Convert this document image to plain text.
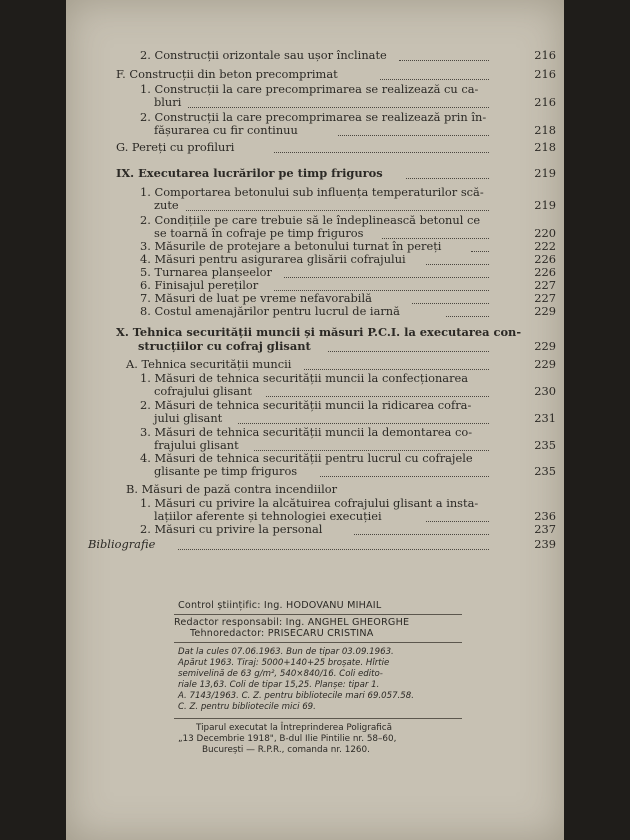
2. Construcții orizontale sau ușor înclinate	216
F. Construcții din beton precomprimat	216
1. Construcții la care precomprimarea se realizează cu ca-
bluri	216
2. Construcții la care precomprimarea se realizează prin în-
fășurarea cu fir continuu	218
G. Pereți cu profiluri	218
IX. Executarea lucrărilor pe timp friguros	219
1. Comportarea betonului sub influența temperaturilor scă-
zute	219
2. Condițiile pe care trebuie să le îndeplinească betonul ce
se toarnă în cofraje pe timp friguros	220
3. Măsurile de protejare a betonului turnat în pereți	222
4. Măsuri pentru asigurarea glisării cofrajului	226
5. Turnarea planșeelor	226
6. Finisajul pereților	227
7. Măsuri de luat pe vreme nefavorabilă	227
8. Costul amenajărilor pentru lucrul de iarnă	229
X. Tehnica securității muncii și măsuri P.C.I. la executarea con-
strucțiilor cu cofraj glisant	229
A. Tehnica securității muncii	229
1. Măsuri de tehnica securității muncii la confecționarea
cofrajului glisant	230
2. Măsuri de tehnica securității muncii la ridicarea cofra-
jului glisant	231
3. Măsuri de tehnica securității muncii la demontarea co-
frajului glisant	235
4. Măsuri de tehnica securității pentru lucrul cu cofrajele
glisante pe timp friguros	235
B. Măsuri de pază contra incendiilor
1. Măsuri cu privire la alcătuirea cofrajului glisant a insta-
lațiilor aferente și tehnologiei execuției	236
2. Măsuri cu privire la personal	237
Bibliografie	239
Control științific: Ing. HODOVANU MIHAIL
Redactor responsabil: Ing. ANGHEL GHEORGHE
Tehnoredactor: PRISECARU CRISTINA
Dat la cules 07.06.1963. Bun de tipar 03.09.1963.
Apărut 1963. Tiraj: 5000+140+25 broșate. Hîrtie
semivelină de 63 g/m², 540×840/16. Coli edito-
riale 13,63. Coli de tipar 15,25. Planșe: tipar 1.
A. 7143/1963. C. Z. pentru bibliotecile mari 69.057.58.
C. Z. pentru bibliotecile mici 69.
Tiparul executat la Întreprinderea Poligrafică
„13 Decembrie 1918", B-dul Ilie Pintilie nr. 58–60,
București — R.P.R., comanda nr. 1260.
